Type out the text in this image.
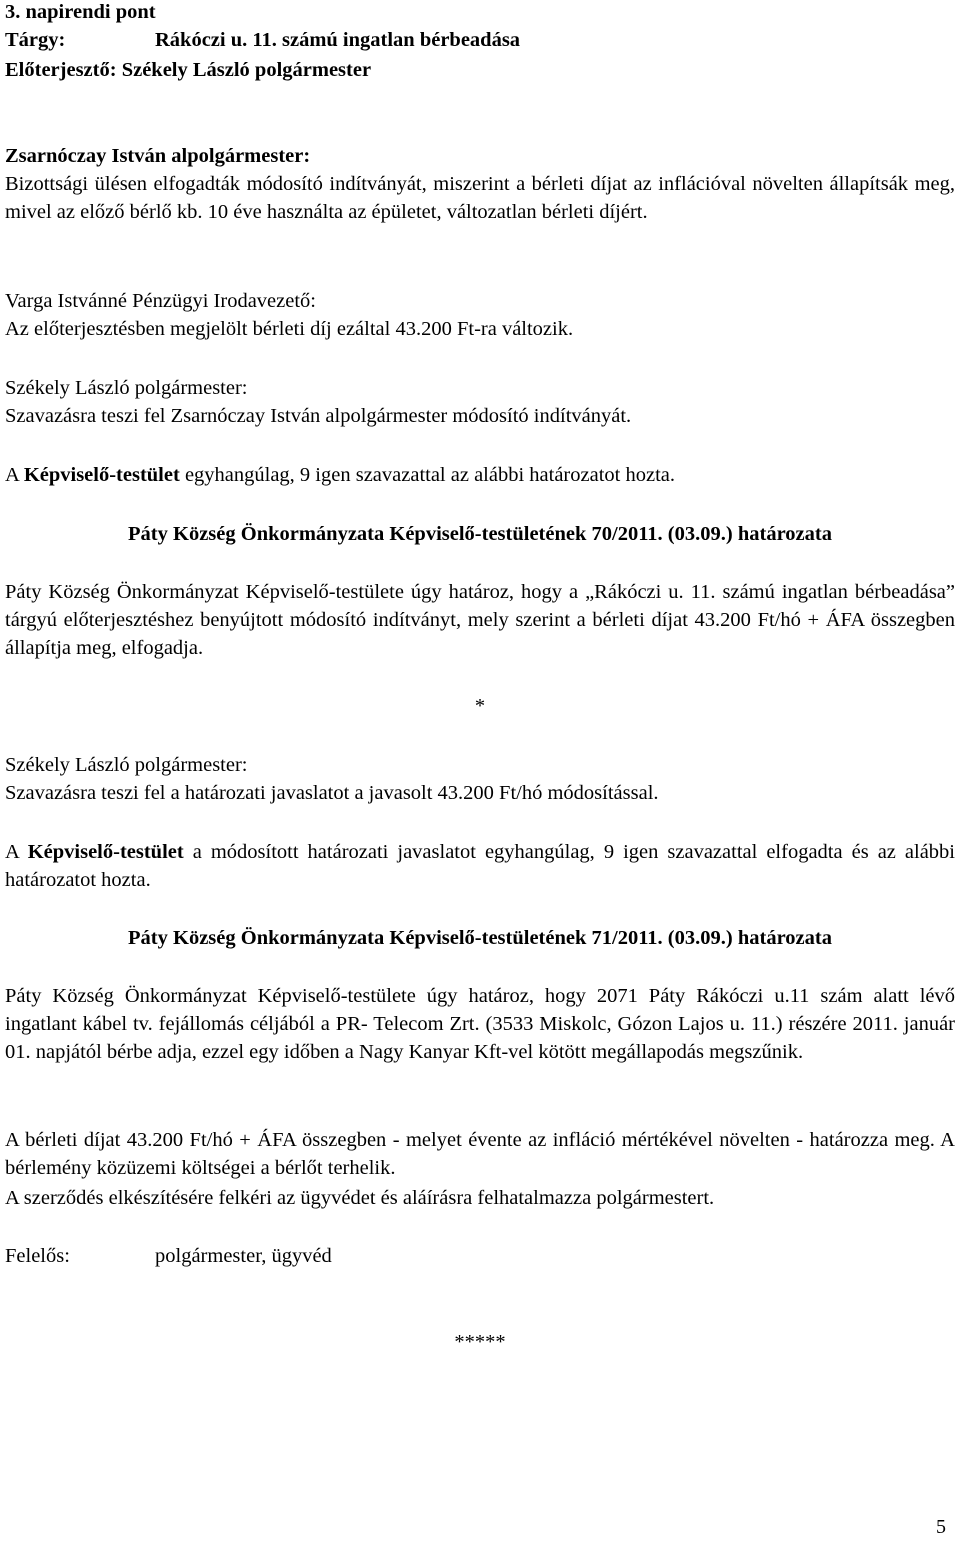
3. napirendi pont
Tárgy:	Rákóczi u. 11. számú ingatlan bérbeadása
Előterjesztő: Székely László polgármester
Zsarnóczay István alpolgármester:
Bizottsági ülésen elfogadták módosító indítványát, miszerint a bérleti díjat az inflációval növelten állapítsák meg, mivel az előző bérlő kb. 10 éve használta az épületet, változatlan bérleti díjért.
Varga Istvánné Pénzügyi Irodavezető:
Az előterjesztésben megjelölt bérleti díj ezáltal 43.200 Ft-ra változik.
Székely László polgármester:
Szavazásra teszi fel Zsarnóczay István alpolgármester módosító indítványát.
A Képviselő-testület egyhangúlag, 9 igen szavazattal az alábbi határozatot hozta.
Páty Község Önkormányzata Képviselő-testületének 70/2011. (03.09.) határozata
Páty Község Önkormányzat Képviselő-testülete úgy határoz, hogy a „Rákóczi u. 11. számú ingatlan bérbeadása” tárgyú előterjesztéshez benyújtott módosító indítványt, mely szerint a bérleti díjat 43.200 Ft/hó + ÁFA összegben állapítja meg, elfogadja.
*
Székely László polgármester:
Szavazásra teszi fel a határozati javaslatot a javasolt 43.200 Ft/hó módosítással.
A Képviselő-testület a módosított határozati javaslatot egyhangúlag, 9 igen szavazattal elfogadta és az alábbi határozatot hozta.
Páty Község Önkormányzata Képviselő-testületének 71/2011. (03.09.) határozata
Páty Község Önkormányzat Képviselő-testülete úgy határoz, hogy 2071 Páty Rákóczi u.11 szám alatt lévő ingatlant kábel tv. fejállomás céljából a PR- Telecom Zrt. (3533 Miskolc, Gózon Lajos u. 11.) részére 2011. január 01. napjától bérbe adja, ezzel egy időben a Nagy Kanyar Kft-vel kötött megállapodás megszűnik.
A bérleti díjat 43.200 Ft/hó + ÁFA összegben - melyet évente az infláció mértékével növelten - határozza meg. A bérlemény közüzemi költségei a bérlőt terhelik.
A szerződés elkészítésére felkéri az ügyvédet és aláírásra felhatalmazza polgármestert.
Felelős:	polgármester, ügyvéd
*****
5
